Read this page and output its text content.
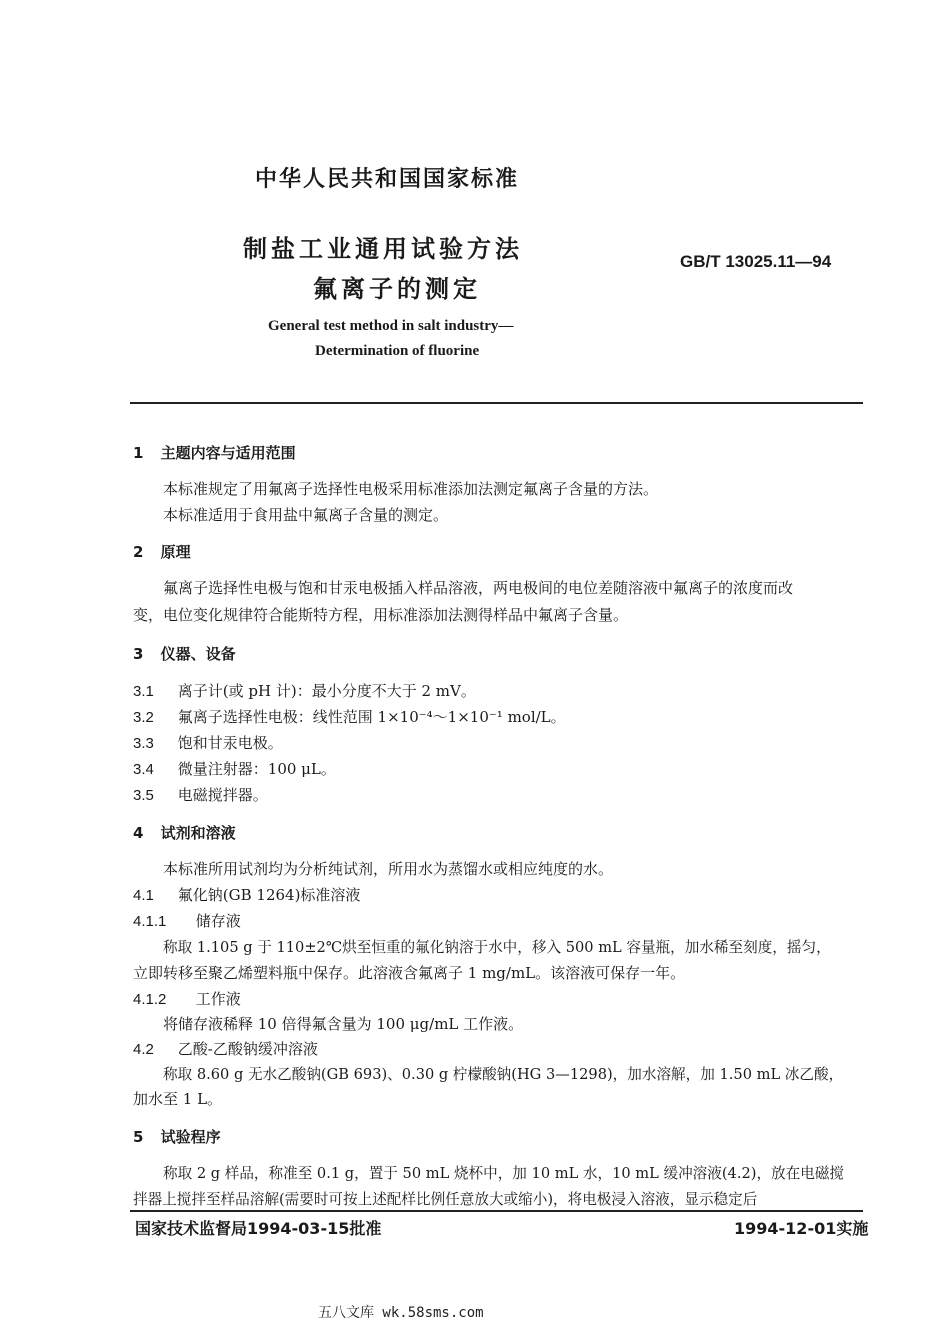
中华人民共和国国家标准
制盐工业通用试验方法
氟离子的测定
GB/T 13025.11—94
General test method in salt industry—
Determination of fluorine
1 主题内容与适用范围
本标准规定了用氟离子选择性电极采用标准添加法测定氟离子含量的方法。
本标准适用于食用盐中氟离子含量的测定。
2 原理
氟离子选择性电极与饱和甘汞电极插入样品溶液，两电极间的电位差随溶液中氟离子的浓度而改
变，电位变化规律符合能斯特方程，用标准添加法测得样品中氟离子含量。
3 仪器、设备
3.1 离子计(或 pH 计)：最小分度不大于 2 mV。
3.2 氟离子选择性电极：线性范围 1×10⁻⁴～1×10⁻¹ mol/L。
3.3 饱和甘汞电极。
3.4 微量注射器：100 μL。
3.5 电磁搅拌器。
4 试剂和溶液
本标准所用试剂均为分析纯试剂，所用水为蒸馏水或相应纯度的水。
4.1 氟化钠(GB 1264)标准溶液
4.1.1 储存液
称取 1.105 g 于 110±2℃烘至恒重的氟化钠溶于水中，移入 500 mL 容量瓶，加水稀至刻度，摇匀，
立即转移至聚乙烯塑料瓶中保存。此溶液含氟离子 1 mg/mL。该溶液可保存一年。
4.1.2 工作液
将储存液稀释 10 倍得氟含量为 100 μg/mL 工作液。
4.2 乙酸-乙酸钠缓冲溶液
称取 8.60 g 无水乙酸钠(GB 693)、0.30 g 柠檬酸钠(HG 3—1298)，加水溶解，加 1.50 mL 冰乙酸，
加水至 1 L。
5 试验程序
称取 2 g 样品，称准至 0.1 g，置于 50 mL 烧杯中，加 10 mL 水，10 mL 缓冲溶液(4.2)，放在电磁搅
拌器上搅拌至样品溶解(需要时可按上述配样比例任意放大或缩小)，将电极浸入溶液，显示稳定后
国家技术监督局1994-03-15批准	1994-12-01实施
五八文库 wk.58sms.com
